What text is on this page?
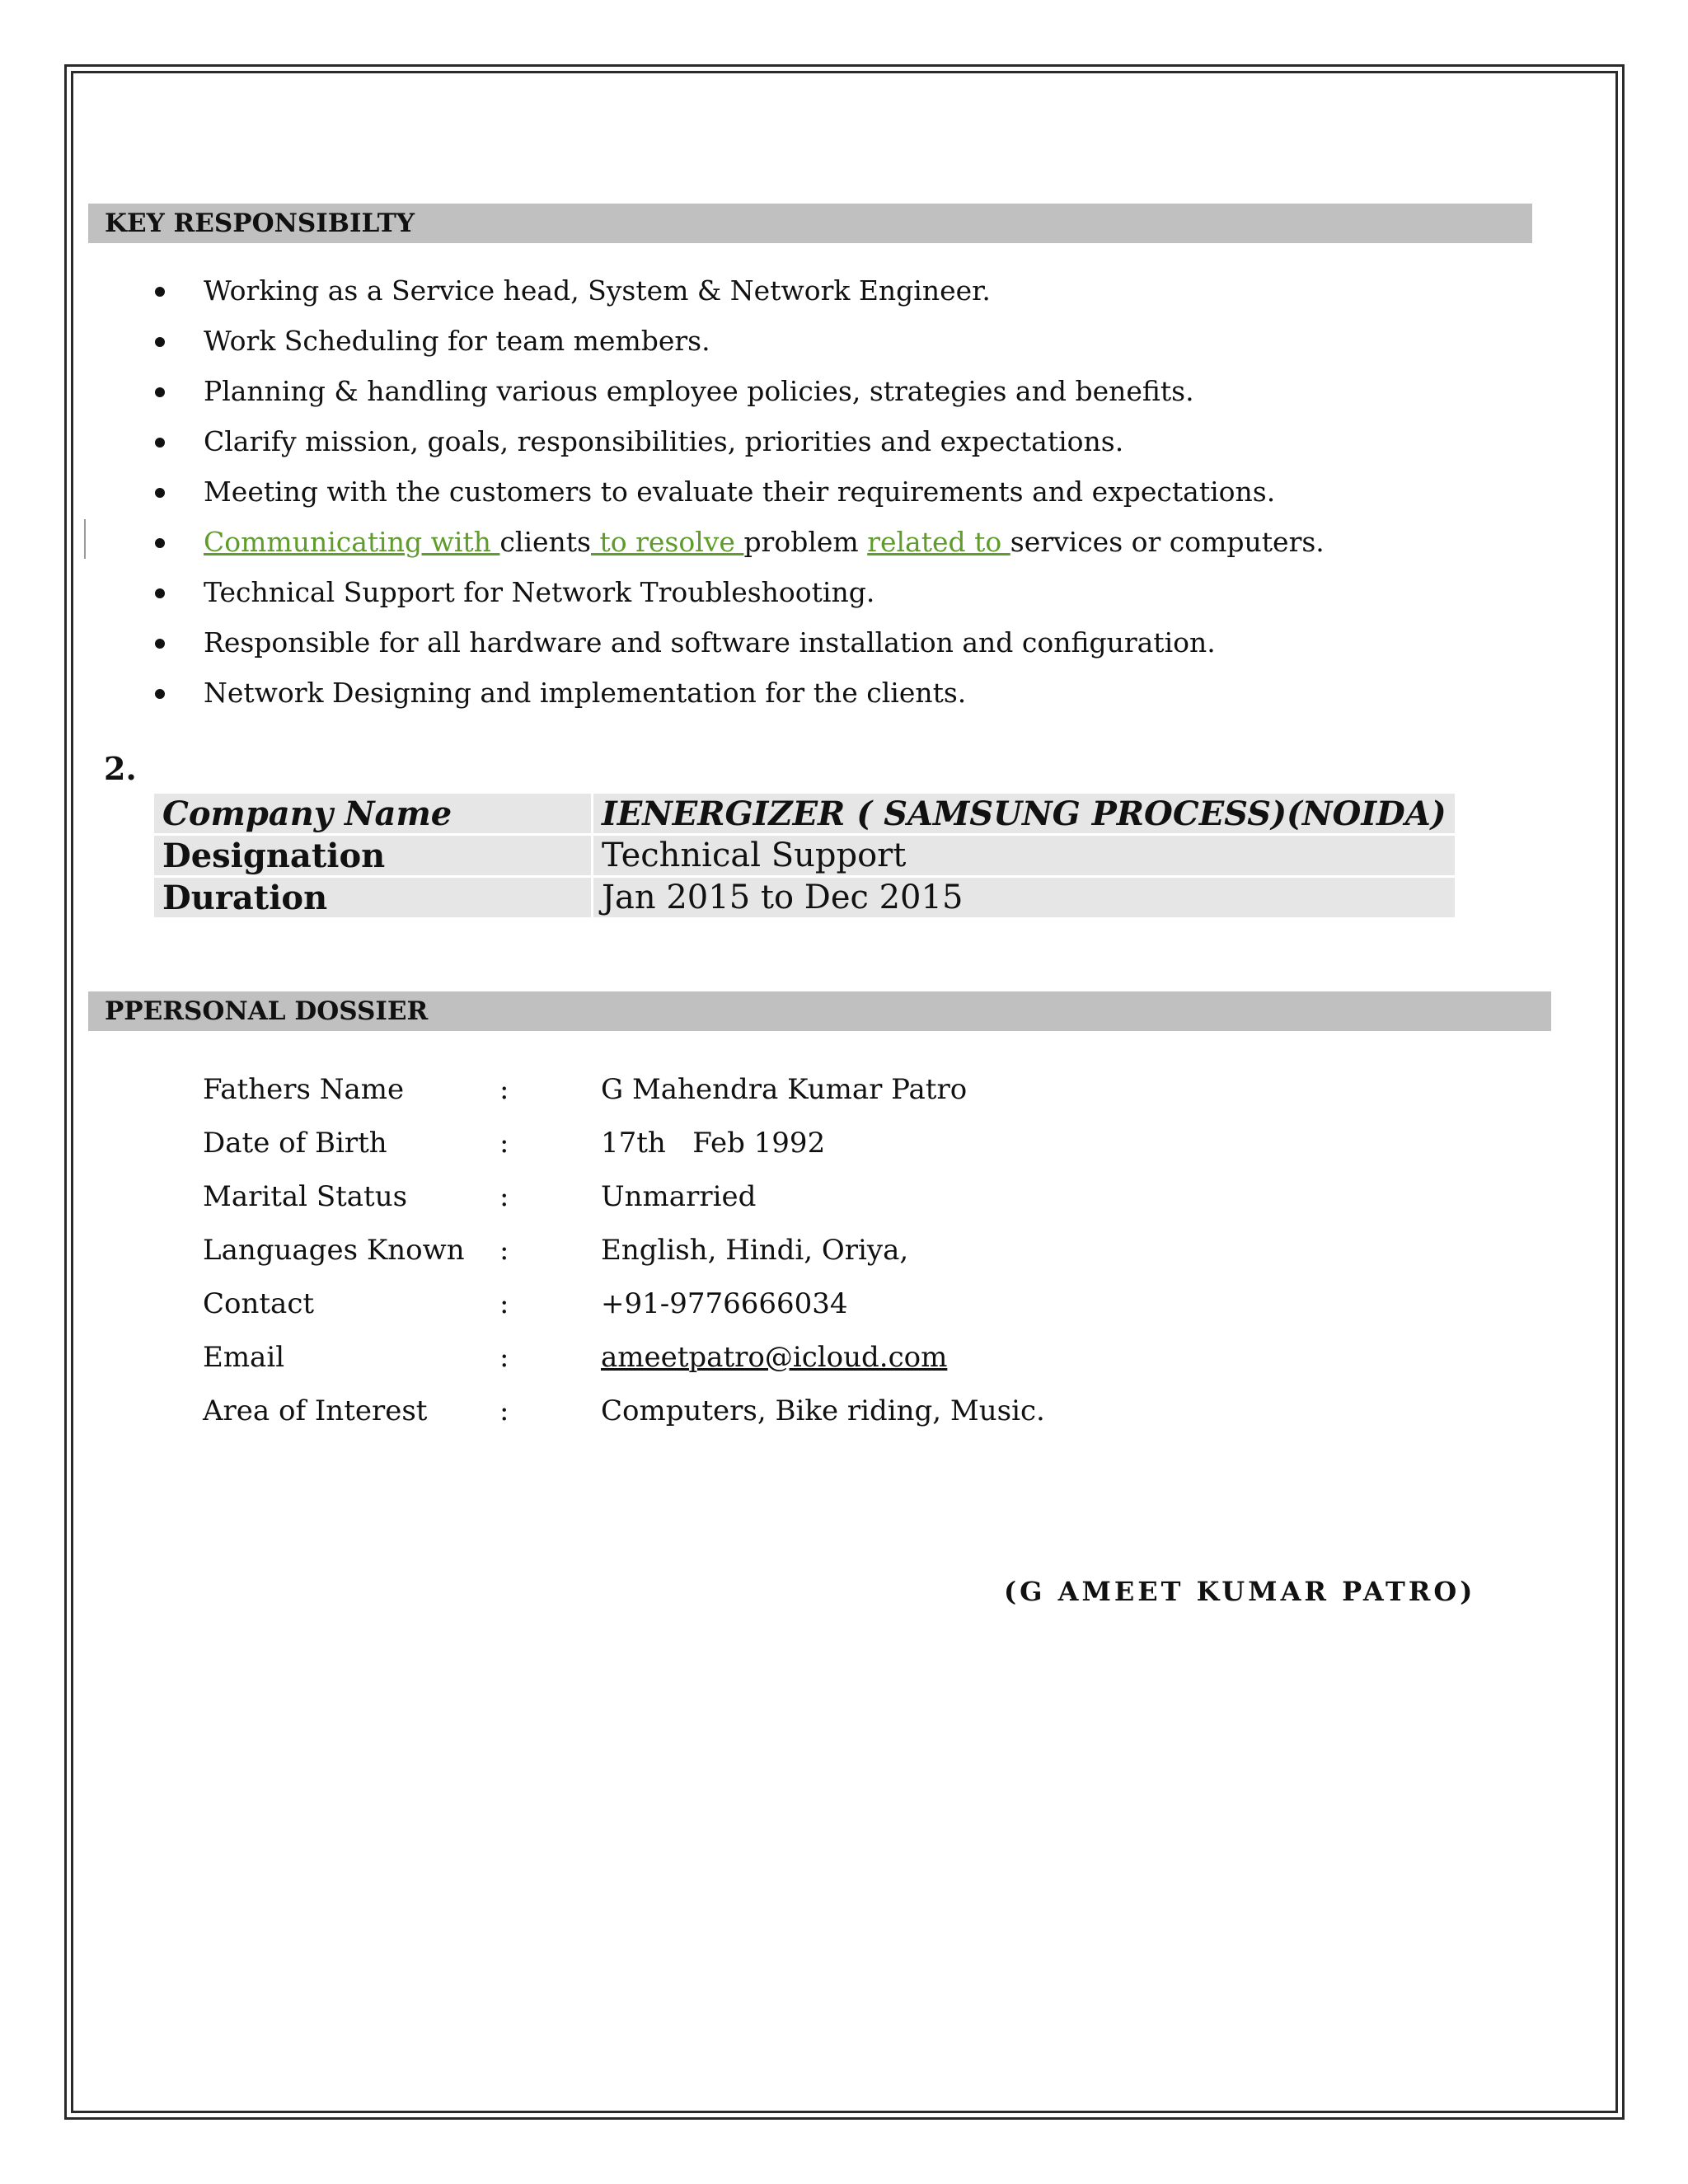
KEY RESPONSIBILTY
Working as a Service head, System & Network Engineer.
Work Scheduling for team members.
Planning & handling various employee policies, strategies and benefits.
Clarify mission, goals, responsibilities, priorities and expectations.
Meeting with the customers to evaluate their requirements and expectations.
Communicating with clients to resolve problem related to services or computers.
Technical Support for Network Troubleshooting.
Responsible for all hardware and software installation and configuration.
Network Designing and implementation for the clients.
2.
Company Name	IENERGIZER ( SAMSUNG PROCESS)(NOIDA)
Designation	Technical Support
Duration	Jan 2015 to Dec 2015
PPERSONAL DOSSIER
Fathers Name	:	G Mahendra Kumar Patro
Date of Birth	:	17th   Feb 1992
Marital Status	:	Unmarried
Languages Known :	English, Hindi, Oriya,
Contact	:	+91-9776666034
Email	:	ameetpatro@icloud.com
Area of Interest	:	Computers, Bike riding, Music.
(G AMEET KUMAR PATRO)
